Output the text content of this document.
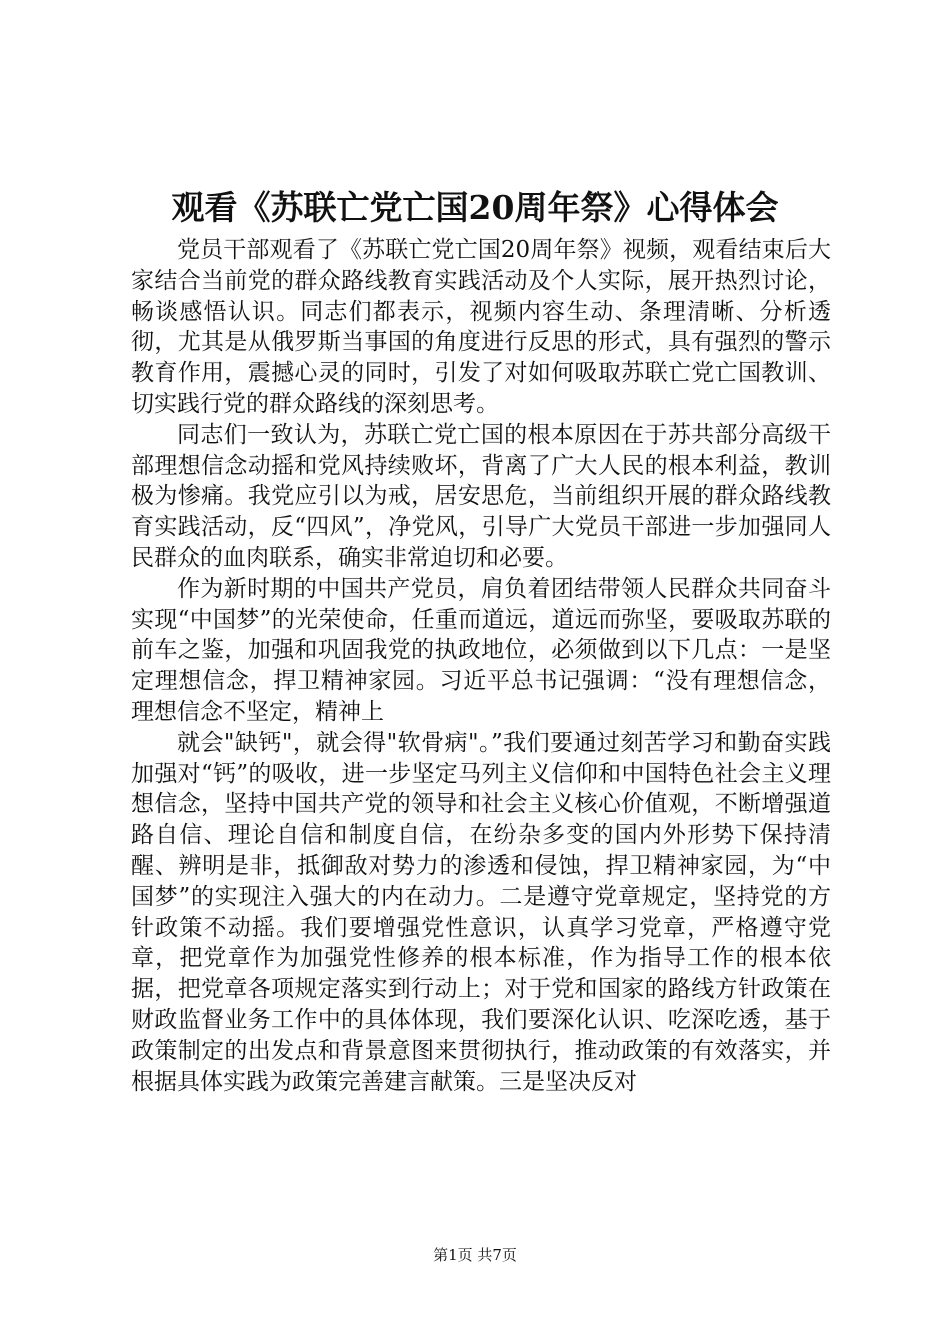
观看《苏联亡党亡国20周年祭》心得体会

党员干部观看了《苏联亡党亡国20周年祭》视频，观看结束后大家结合当前党的群众路线教育实践活动及个人实际，展开热烈讨论，畅谈感悟认识。同志们都表示，视频内容生动、条理清晰、分析透彻，尤其是从俄罗斯当事国的角度进行反思的形式，具有强烈的警示教育作用，震撼心灵的同时，引发了对如何吸取苏联亡党亡国教训、切实践行党的群众路线的深刻思考。

同志们一致认为，苏联亡党亡国的根本原因在于苏共部分高级干部理想信念动摇和党风持续败坏，背离了广大人民的根本利益，教训极为惨痛。我党应引以为戒，居安思危，当前组织开展的群众路线教育实践活动，反“四风”，净党风，引导广大党员干部进一步加强同人民群众的血肉联系，确实非常迫切和必要。

作为新时期的中国共产党员，肩负着团结带领人民群众共同奋斗实现“中国梦”的光荣使命，任重而道远，道远而弥坚，要吸取苏联的前车之鉴，加强和巩固我党的执政地位，必须做到以下几点：一是坚定理想信念，捍卫精神家园。习近平总书记强调：“没有理想信念，理想信念不坚定，精神上

就会"缺钙"，就会得"软骨病"。”我们要通过刻苦学习和勤奋实践加强对“钙”的吸收，进一步坚定马列主义信仰和中国特色社会主义理想信念，坚持中国共产党的领导和社会主义核心价值观，不断增强道路自信、理论自信和制度自信，在纷杂多变的国内外形势下保持清醒、辨明是非，抵御敌对势力的渗透和侵蚀，捍卫精神家园，为“中国梦”的实现注入强大的内在动力。二是遵守党章规定，坚持党的方针政策不动摇。我们要增强党性意识，认真学习党章，严格遵守党章，把党章作为加强党性修养的根本标准，作为指导工作的根本依据，把党章各项规定落实到行动上；对于党和国家的路线方针政策在财政监督业务工作中的具体体现，我们要深化认识、吃深吃透，基于政策制定的出发点和背景意图来贯彻执行，推动政策的有效落实，并根据具体实践为政策完善建言献策。三是坚决反对

第1页 共7页
